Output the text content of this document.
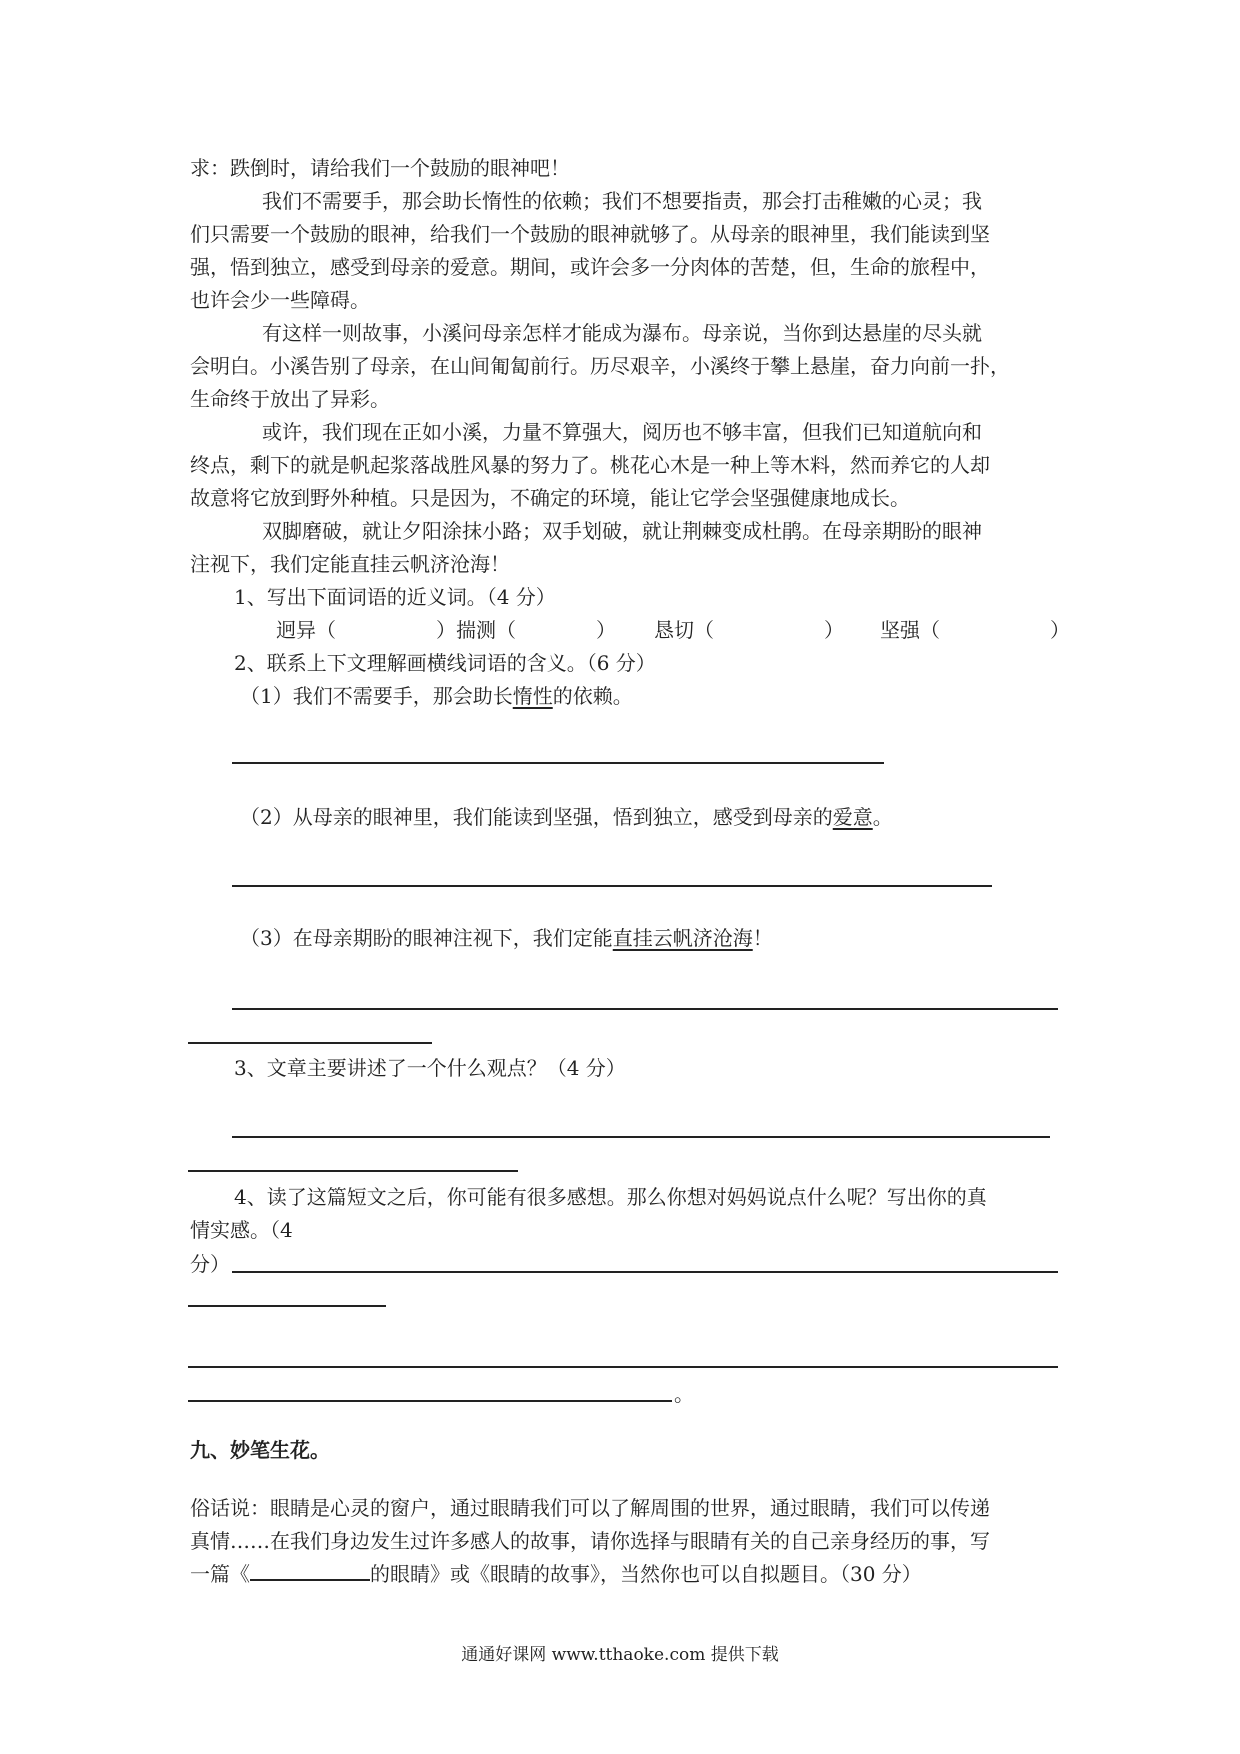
求：跌倒时，请给我们一个鼓励的眼神吧！
我们不需要手，那会助长惰性的依赖；我们不想要指责，那会打击稚嫩的心灵；我
们只需要一个鼓励的眼神，给我们一个鼓励的眼神就够了。从母亲的眼神里，我们能读到坚
强，悟到独立，感受到母亲的爱意。期间，或许会多一分肉体的苦楚，但，生命的旅程中，
也许会少一些障碍。
有这样一则故事，小溪问母亲怎样才能成为瀑布。母亲说，当你到达悬崖的尽头就
会明白。小溪告别了母亲，在山间匍匐前行。历尽艰辛，小溪终于攀上悬崖，奋力向前一扑，
生命终于放出了异彩。
或许，我们现在正如小溪，力量不算强大，阅历也不够丰富，但我们已知道航向和
终点，剩下的就是帆起浆落战胜风暴的努力了。桃花心木是一种上等木料，然而养它的人却
故意将它放到野外种植。只是因为，不确定的环境，能让它学会坚强健康地成长。
双脚磨破，就让夕阳涂抹小路；双手划破，就让荆棘变成杜鹃。在母亲期盼的眼神
注视下，我们定能直挂云帆济沧海！
1、写出下面词语的近义词。（4 分）
迥异（	）揣测（	） 恳切（	） 坚强（	）
2、联系上下文理解画横线词语的含义。（6 分）
（1）我们不需要手，那会助长惰性的依赖。
（2）从母亲的眼神里，我们能读到坚强，悟到独立，感受到母亲的爱意。
（3）在母亲期盼的眼神注视下，我们定能直挂云帆济沧海！
3、文章主要讲述了一个什么观点？（4 分）
4、读了这篇短文之后，你可能有很多感想。那么你想对妈妈说点什么呢？写出你的真
情实感。（4
分）
。
九、妙笔生花。
俗话说：眼睛是心灵的窗户，通过眼睛我们可以了解周围的世界，通过眼睛，我们可以传递
真情……在我们身边发生过许多感人的故事，请你选择与眼睛有关的自己亲身经历的事，写
一篇《	的眼睛》或《眼睛的故事》，当然你也可以自拟题目。（30 分）
通通好课网 www.tthaoke.com 提供下载
